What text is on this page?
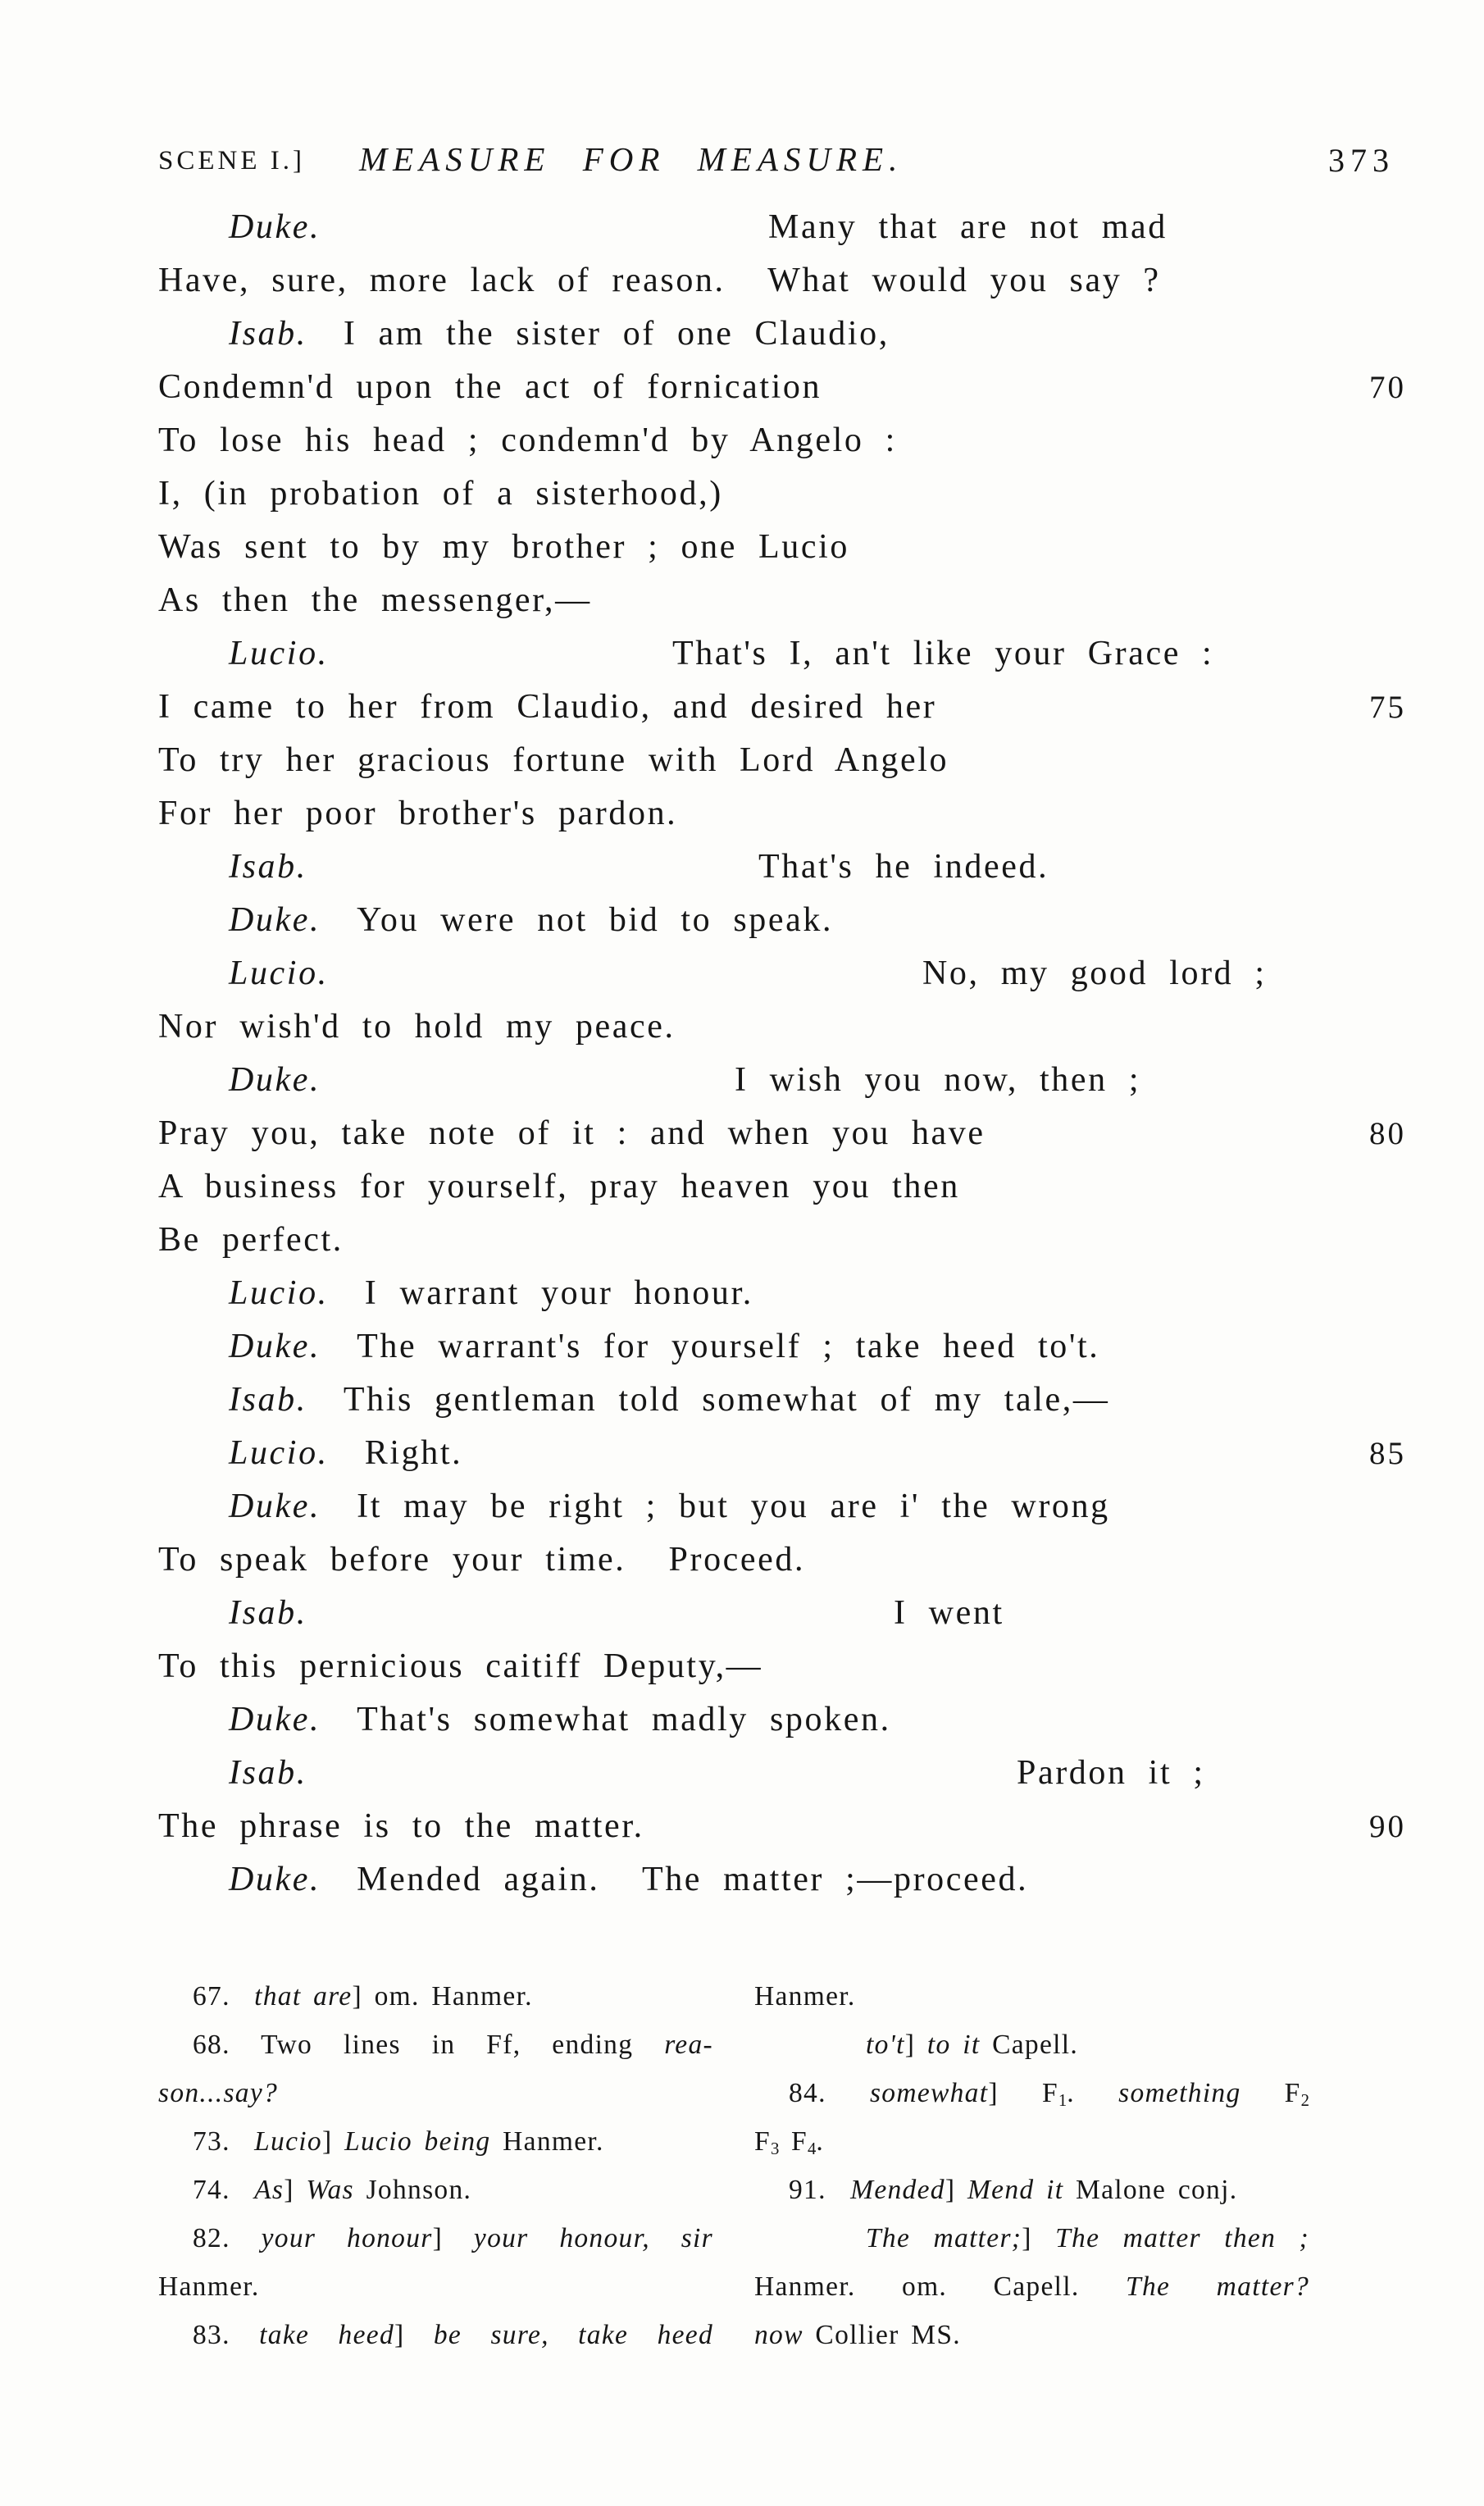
SCENE I.] MEASURE FOR MEASURE.	373
Duke.	Many that are not mad
Have, sure, more lack of reason.  What would you say ?
Isab. I am the sister of one Claudio,
Condemn'd upon the act of fornication	70
To lose his head ; condemn'd by Angelo :
I, (in probation of a sisterhood,)
Was sent to by my brother ; one Lucio
As then the messenger,—
Lucio.	That's I, an't like your Grace :
I came to her from Claudio, and desired her	75
To try her gracious fortune with Lord Angelo
For her poor brother's pardon.
Isab.	That's he indeed.
Duke. You were not bid to speak.
Lucio.	No, my good lord ;
Nor wish'd to hold my peace.
Duke.	I wish you now, then ;
Pray you, take note of it : and when you have	80
A business for yourself, pray heaven you then
Be perfect.
Lucio. I warrant your honour.
Duke. The warrant's for yourself ; take heed to't.
Isab. This gentleman told somewhat of my tale,—
Lucio. Right.	85
Duke. It may be right ; but you are i' the wrong
To speak before your time.  Proceed.
Isab.	I went
To this pernicious caitiff Deputy,—
Duke. That's somewhat madly spoken.
Isab.	Pardon it ;
The phrase is to the matter.	90
Duke. Mended again.  The matter ;—proceed.
67.  that are] om. Hanmer.
68. Two lines in Ff, ending rea-
son...say?
73.  Lucio] Lucio being Hanmer.
74.  As] Was Johnson.
82. your honour] your honour, sir
Hanmer.
83. take heed] be sure, take heed
Hanmer.
to't] to it Capell.
84. somewhat] F1. something F2
F3 F4.
91.  Mended] Mend it Malone conj.
The matter;] The matter then ;
Hanmer. om. Capell. The matter?
now Collier MS.
